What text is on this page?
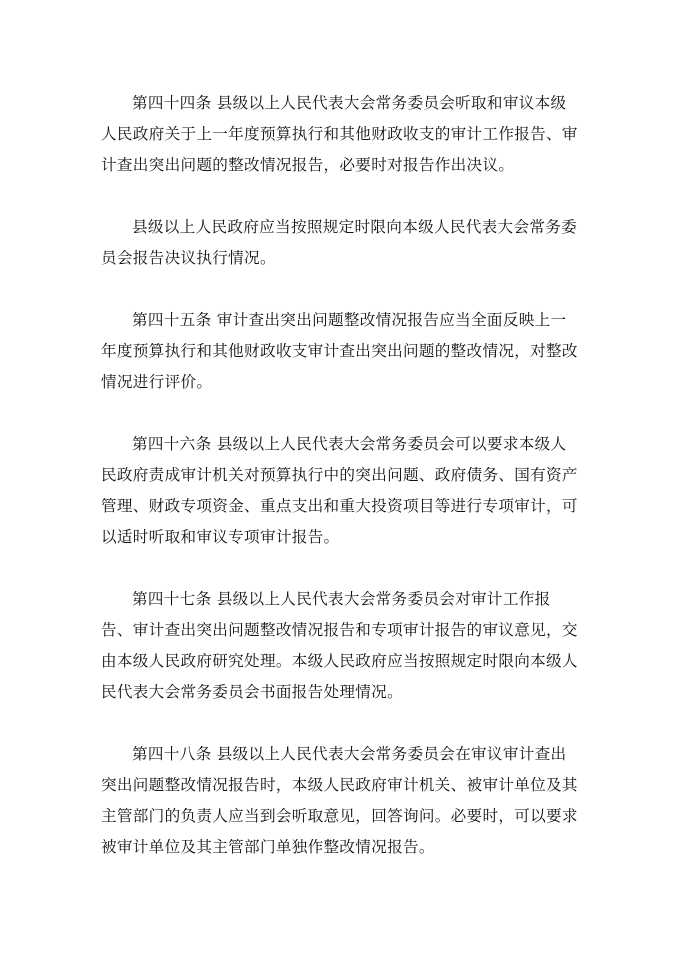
第四十四条 县级以上人民代表大会常务委员会听取和审议本级人民政府关于上一年度预算执行和其他财政收支的审计工作报告、审计查出突出问题的整改情况报告，必要时对报告作出决议。

县级以上人民政府应当按照规定时限向本级人民代表大会常务委员会报告决议执行情况。

第四十五条 审计查出突出问题整改情况报告应当全面反映上一年度预算执行和其他财政收支审计查出突出问题的整改情况，对整改情况进行评价。

第四十六条 县级以上人民代表大会常务委员会可以要求本级人民政府责成审计机关对预算执行中的突出问题、政府债务、国有资产管理、财政专项资金、重点支出和重大投资项目等进行专项审计，可以适时听取和审议专项审计报告。

第四十七条 县级以上人民代表大会常务委员会对审计工作报告、审计查出突出问题整改情况报告和专项审计报告的审议意见，交由本级人民政府研究处理。本级人民政府应当按照规定时限向本级人民代表大会常务委员会书面报告处理情况。

第四十八条 县级以上人民代表大会常务委员会在审议审计查出突出问题整改情况报告时，本级人民政府审计机关、被审计单位及其主管部门的负责人应当到会听取意见，回答询问。必要时，可以要求被审计单位及其主管部门单独作整改情况报告。
